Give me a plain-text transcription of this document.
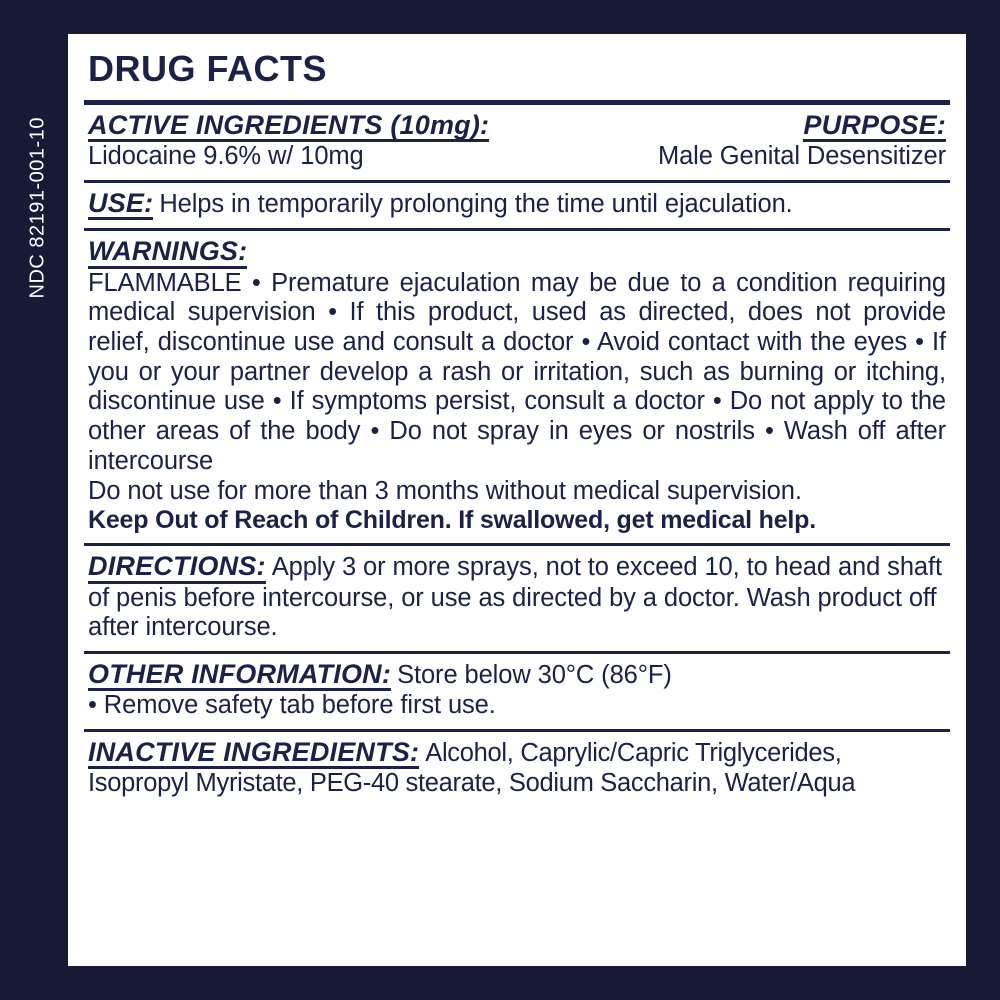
NDC 82191-001-10
DRUG FACTS
ACTIVE INGREDIENTS (10mg):
Lidocaine 9.6% w/ 10mg
PURPOSE:
Male Genital Desensitizer
USE: Helps in temporarily prolonging the time until ejaculation.
WARNINGS:
FLAMMABLE • Premature ejaculation may be due to a condition requiring medical supervision • If this product, used as directed, does not provide relief, discontinue use and consult a doctor • Avoid contact with the eyes • If you or your partner develop a rash or irritation, such as burning or itching, discontinue use • If symptoms persist, consult a doctor • Do not apply to the other areas of the body • Do not spray in eyes or nostrils • Wash off after intercourse
Do not use for more than 3 months without medical supervision.
Keep Out of Reach of Children. If swallowed, get medical help.
DIRECTIONS: Apply 3 or more sprays, not to exceed 10, to head and shaft of penis before intercourse, or use as directed by a doctor. Wash product off after intercourse.
OTHER INFORMATION: Store below 30°C (86°F)
• Remove safety tab before first use.
INACTIVE INGREDIENTS: Alcohol, Caprylic/Capric Triglycerides, Isopropyl Myristate, PEG-40 stearate, Sodium Saccharin, Water/Aqua
